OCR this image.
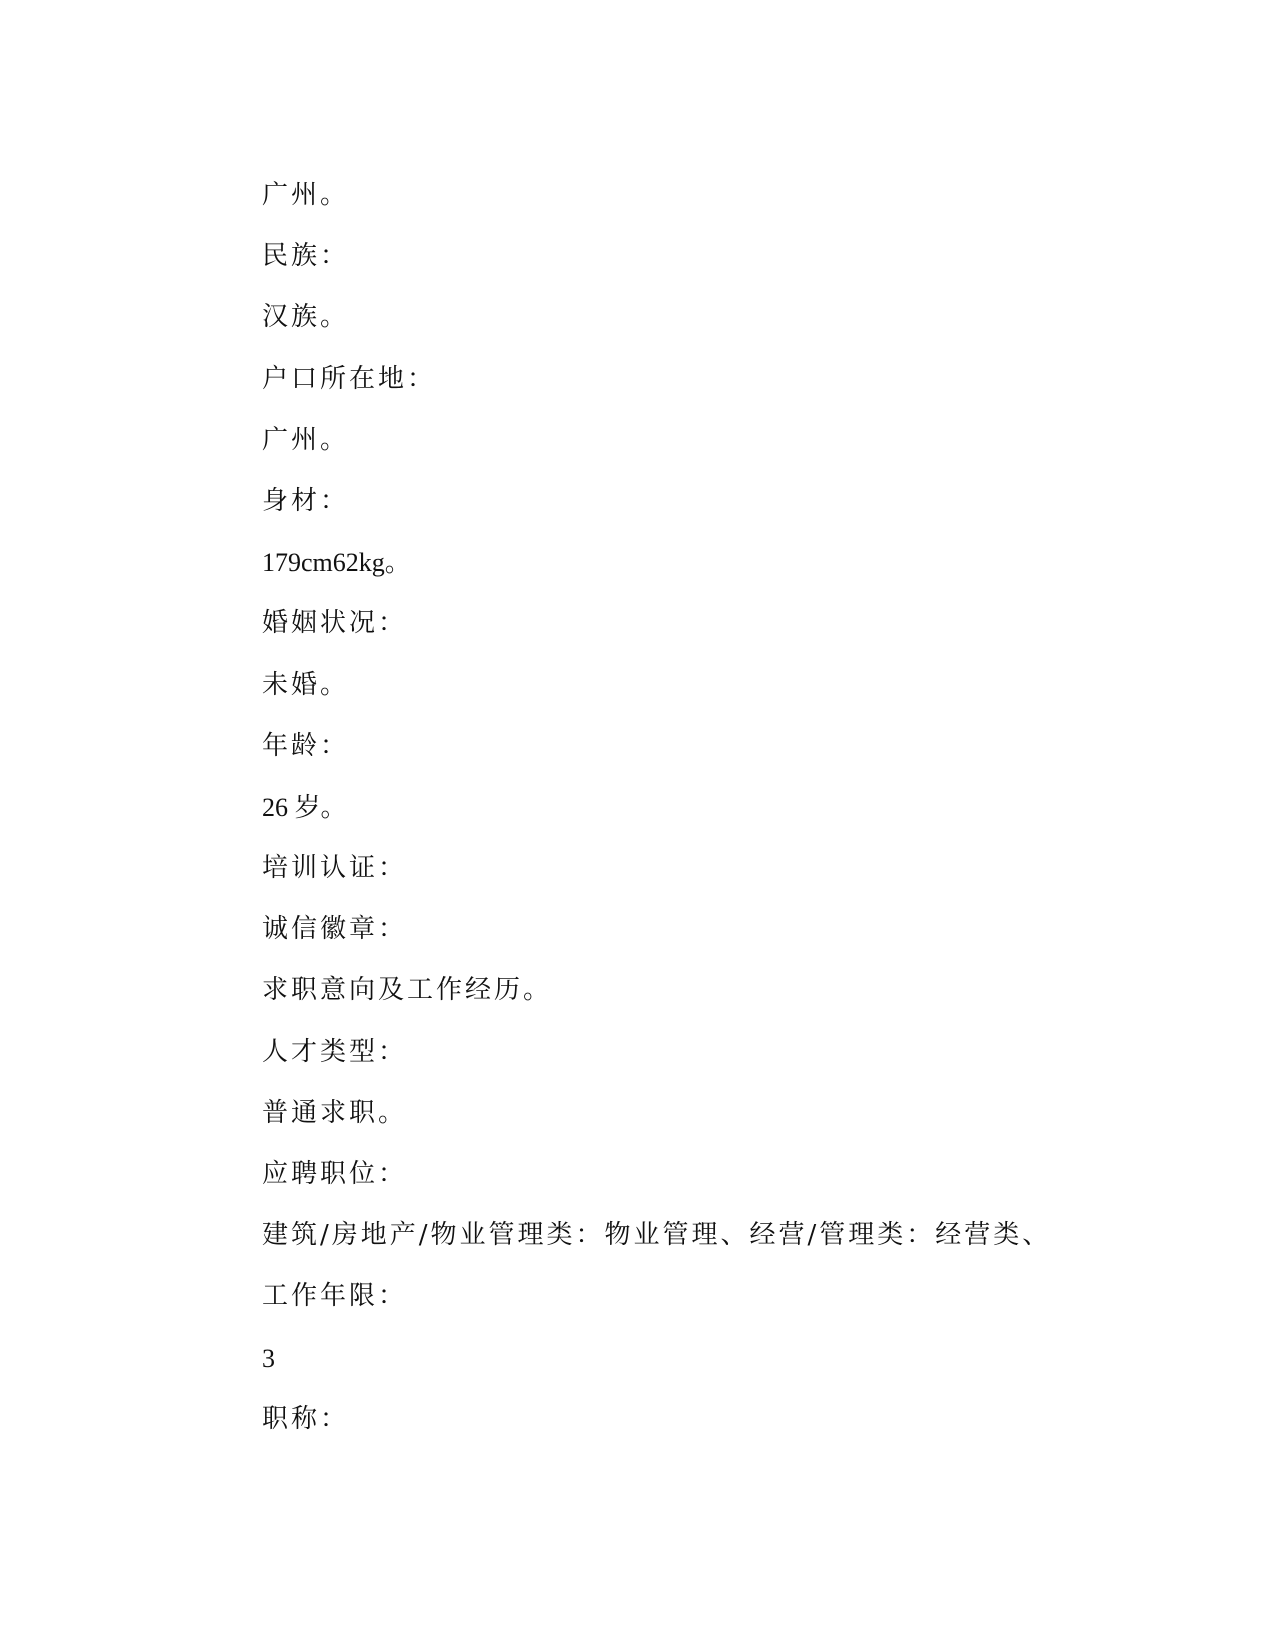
广州。
民族：
汉族。
户口所在地：
广州。
身材：
179cm62kg。
婚姻状况：
未婚。
年龄：
26 岁。
培训认证：
诚信徽章：
求职意向及工作经历。
人才类型：
普通求职。
应聘职位：
建筑/房地产/物业管理类：物业管理、经营/管理类：经营类、
工作年限：
3
职称：
